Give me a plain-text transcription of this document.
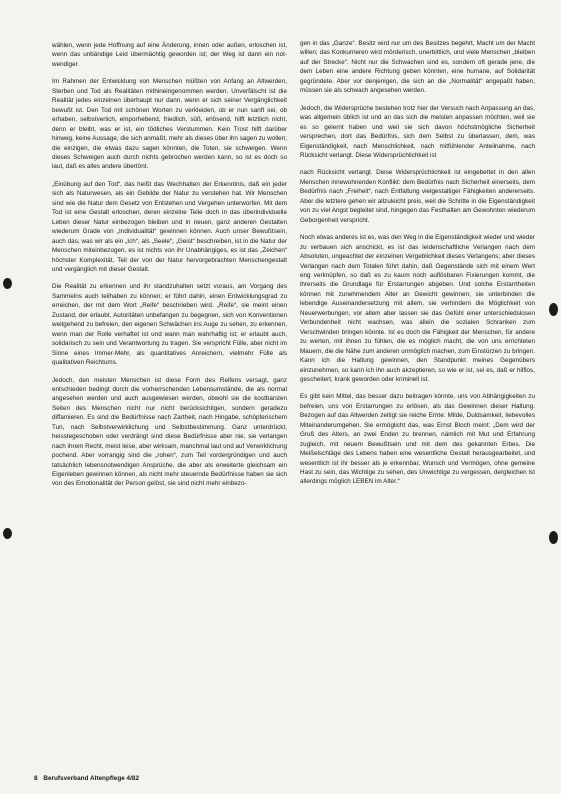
wählen, wenn jede Hoffnung auf eine Änderung, innen oder außen, erloschen ist, wenn das unbändige Leid übermächtig geworden ist; der Weg ist dann ein not-wendiger.

Im Rahmen der Entwicklung von Menschen müßten von Anfang an Altwerden, Sterben und Tod als Realitäten mithineingenommen werden. Unverfälscht ist die Realität jedes einzelnen überhaupt nur dann, wenn er sich seiner Vergänglichkeit bewußt ist. Den Tod mit schönen Worten zu verkleiden, ob er nun sanft sei, ob erhaben, selbstverlich, emporhebend, friedlich, süß, erlösend, hilft letztlich nicht, denn er bleibt, was er ist, ein tödliches Verstummen. Kein Trost hilft darüber hinweg, keine Aussage, die sich anmaßt, mehr als dieses über ihn sagen zu wollen; die einzigen, die etwas dazu sagen könnten, die Toten, sie schweigen. Wenn dieses Schweigen auch durch nichts gebrochen werden kann, so ist es doch so laut, daß es alles andere übertönt.

„Einübung auf den Tod“, das heißt das Wechhalten der Erkenntnis, daß ein jeder sich als Naturwesen, als ein Gebilde der Natur zu verstehen hat. Wir Menschen sind wie die Natur dem Gesetz von Entstehen und Vergehen unterworfen. Mit dem Tod ist eine Gestalt erloschen, deren einzelne Teile doch in das überindividuelle Leben dieser Natur einbezogen bleiben und in neuen, ganz anderen Gestalten wiederum Grade von „Individualität“ gewinnen können. Auch unser Bewußtsein, auch das, was wir als ein „Ich“, als „Seele“, „Geist“ beschreiben, ist in die Natur der Menschen miteinbezogen, es ist nichts von ihr Unabhängiges, es ist das „Zeichen“ höchster Komplexität, Teil der von der Natur hervorgebrachten Menschengestalt und vergänglich mit dieser Gestalt.

Die Realität zu erkennen und ihr standzuhalten setzt voraus, am Vorgang des Sammelns auch teilhaben zu können; er führt dahin, einen Entwicklungsgrad zu erreichen, der mit dem Wort „Reife“ beschrieben wird. „Reife“, sie meint einen Zustand, der erlaubt, Autoritäten unbefangen zu begegnen, sich von Konventionen weitgehend zu befreien, den eigenen Schwächen ins Auge zu sehen, zu erkennen, wenn man der Rolle verhaftet ist und wann man wahrhaftig ist; er erlaubt auch, solidarisch zu sein und Verantwortung zu tragen. Sie verspricht Fülle, aber nicht im Sinne eines Immer-Mehr, als quantitatives Anreichern, vielmehr Fülle als qualitativen Reichtums.

Jedoch, den meisten Menschen ist diese Form des Reifens versagt, ganz entschieden bedingt durch die vorherrschenden Lebensumstände, die als normal angesehen werden und auch ausgewiesen werden, obwohl sie die kostbarsten Seiten des Menschen nicht nur nicht berücksichtigen, sondern geradezu diffamieren. Es sind die Bedürfnisse nach Zartheit, nach Hingabe, schöpferischem Tun, nach Selbstverwirklichung und Selbstbestimmung. Ganz unterdrückt, heisstegeschoben oder verdrängt sind diese Bedürfnisse aber nie, sie verlangen nach ihrem Recht, meist leise, aber wirksam, manchmal laut und auf Verwirklichung pochend. Aber vorrangig sind die „rohen“, zum Teil vordergründigen und auch tatsächlich lebensnotwendigen Ansprüche, die aber als erweiterte gleichsam ein Eigenleben gewinnen können, als nicht mehr steuernde Bedürfnisse haben sie sich von des Emotionalität der Person gelöst, sie sind nicht mehr einbezo-

gen in das „Ganze“. Besitz wird nur um des Besitzes begehrt, Macht um der Macht willen; das Konkurrieren wird mörderisch, unerbittlich, und viele Menschen „bleiben auf der Strecke“. Nicht nur die Schwachen sind es, sondern oft gerade jene, die dem Leben eine andere Richtung geben könnten, eine humane, auf Solidarität gegründete. Aber vor denjenigen, die sich an die „Normalität“ angepaßt haben, müssen sie als schwach angesehen werden.

Jedoch, die Widersprüche bestehen trotz hier der Versuch nach Anpassung an das, was allgemein üblich ist und an das sich die meisten anpassen möchten, weil sie es so gelernt haben und weil sie sich davon höchstmögliche Sicherheit versprechen, dort das Bedürfnis, sich dem Selbst zu überlassen, dem, was Eigenständigkeit, nach Menschlichkeit, nach mitfühlender Anteilnahme, nach Rücksicht verlangt. Diese Widersprüchlichkeit ist

nach Rücksicht verlangt. Diese Widersprüchlichkeit ist eingebettet in den allen Menschen innewohnenden Konflikt: dem Bedürfnis nach Sicherheit einerseits, dem Bedürfnis nach „Freiheit“, nach Entfaltung vielgestaltiger Fähigkeiten andererseits. Aber die letztere gehen wir allzuleicht preis, weil die Schritte in die Eigenständigkeit von zu viel Angst begleitet sind, hingegen das Festhalten am Gewohnten wiederum Geborgenheit verspricht.

Noch etwas anderes ist es, was den Weg in die Eigenständigkeit wieder und wieder zu verbauen sich anschickt, es ist das leidenschaftliche Verlangen nach dem Absoluten, ungeachtet der einzelnen Vergeblichkeit dieses Verlangens; aber dieses Verlangen nach dem Totalen führt dahin, daß Gegenstände sich mit einem Wert eng verknüpfen, so daß es zu kaum noch auflösbaren Fixierungen kommt, die ihrerseits die Grundlage für Erstarrungen abgeben. Und solche Erstarrtheiten können mit zunehmendem Alter an Gewicht gewinnen; sie unterbinden die lebendige Auseinandersetzung mit allem, sie verhindern die Möglichkeit von Neuerwerbungen, vor allem aber lassen sie das Gefühl einer unterschiedslosen Verbundenheit nicht wachsen, was allein die sozialen Schranken zum Verschwinden bringen könnte. Ist es doch die Fähigkeit der Menschen, für andere zu werten, mit ihnen zu fühlen, die es möglich macht, die von uns errichteten Mauern, die die Nähe zum anderen unmöglich machen, zum Einstürzen zu bringen. Kann ich die Haltung gewinnen, den Standpunkt meines Gegenübers einzunehmen, so kann ich ihn auch akzeptieren, so wie er ist, sei es, daß er hilflos, gescheitert, krank geworden oder kriminell ist.

Es gibt kein Mittel, das besser dazu beitragen könnte, uns von Abhängigkeiten zu befreien, uns von Erstarrungen zu erlösen, als das Gewinnen dieser Haltung. Bezogen auf das Altwerden zeitigt sie reiche Ernte: Milde, Duldsamkeit, liebevolles Miteinanderumgehen. Sie ermöglicht das, was Ernst Bloch meint: „Dem wird der Gruß des Alters, an zwei Enden zu brennen, nämlich mit Mut und Erfahrung zugleich, mit neuem Bewußtsein und mit dem des gekannten Erbes. Die Meißelschläge des Lebens haben eine wesentliche Gestalt herausgearbeitet, und wesentlich ist ihr besser als je erkennbar, Wunsch und Vermögen, ohne gemeine Hast zu sein, das Wichtige zu sehen, des Unwichtige zu vergessen, dergleichen ist allerdings möglich LEBEN im Alter.“

8 Berufsverband Altenpflege 4/82
